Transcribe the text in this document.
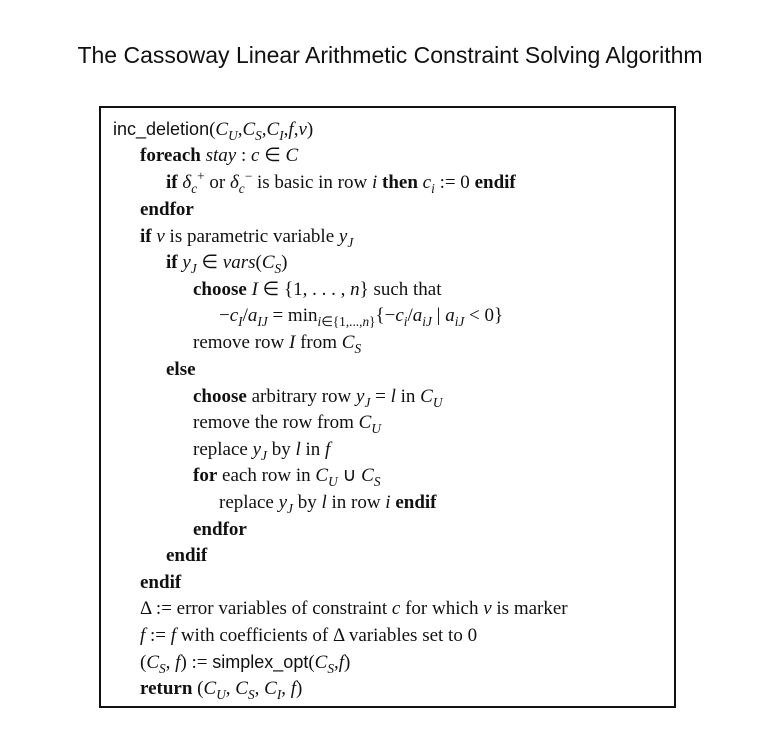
The Cassoway Linear Arithmetic Constraint Solving Algorithm
$inc\_deletion(C_U,C_S,C_I,f,v)$
foreach stay : c ∈ C
if $\delta_c^+$ or $\delta_c^-$ is basic in row i then $c_i$ := 0 endif
endfor
if v is parametric variable $y_J$
if $y_J$ ∈ $vars(C_S)$
choose I ∈ {1, . . . , n} such that
$-c_I/a_{IJ} = \min_{i\in\{1,...,n\}}\{-c_i/a_{iJ}$ | $a_{iJ} < 0$}
remove row I from $C_S$
else
choose arbitrary row $y_J = l$ in $C_U$
remove the row from $C_U$
replace $y_J$ by l in f
for each row in $C_U$ ∪ $C_S$
replace $y_J$ by l in row i endif
endfor
endif
endif
Δ := error variables of constraint c for which v is marker
f := f with coefficients of Δ variables set to 0
($C_S$, f) := $simplex\_opt(C_S,f)$
return ($C_U$, $C_S$, $C_I$, f)
